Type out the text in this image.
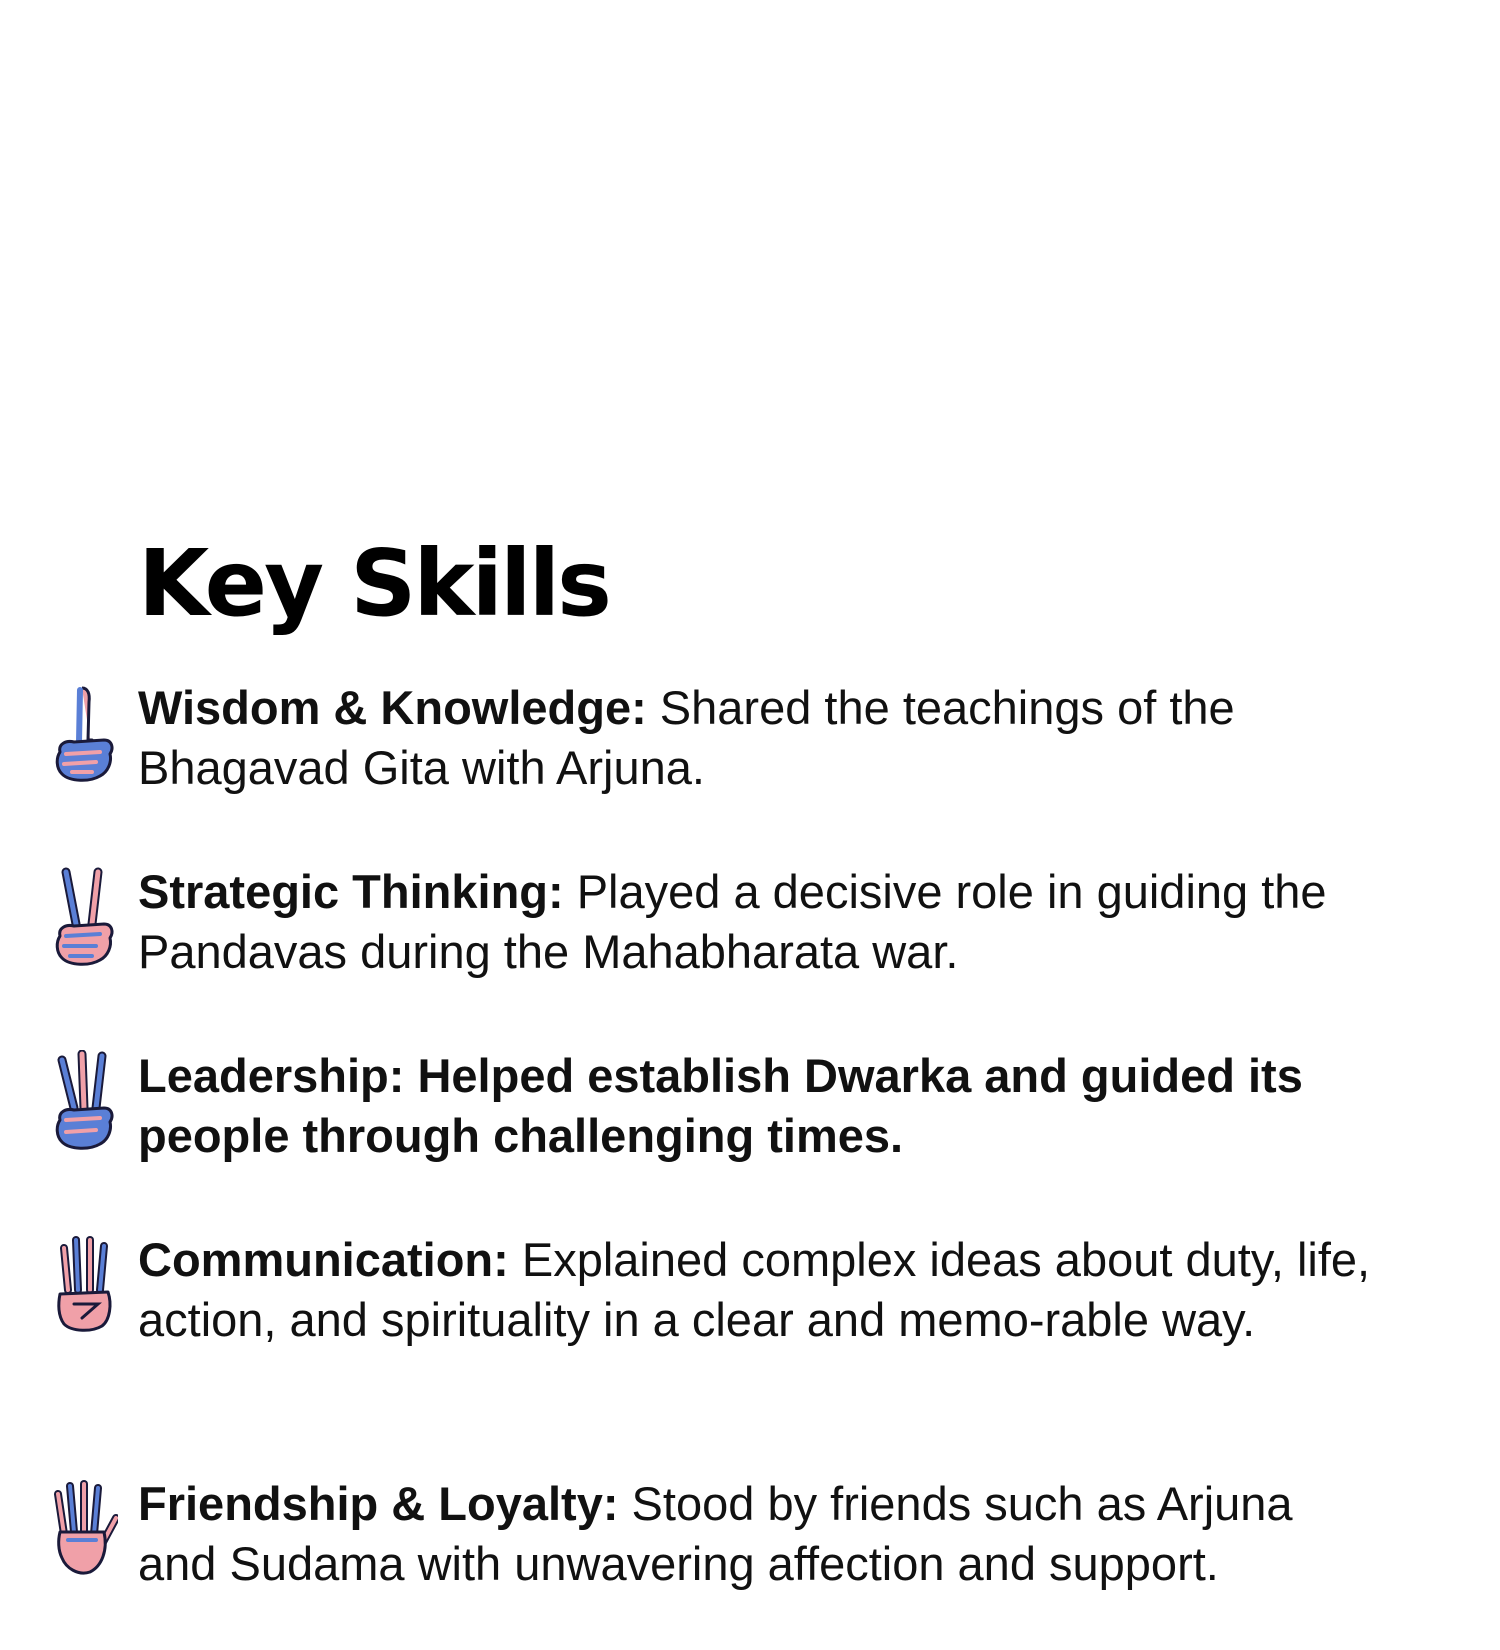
Key Skills

Wisdom & Knowledge: Shared the teachings of the Bhagavad Gita with Arjuna.

Strategic Thinking: Played a decisive role in guiding the Pandavas during the Mahabharata war.

Leadership: Helped establish Dwarka and guided its people through challenging times.

Communication: Explained complex ideas about duty, life, action, and spirituality in a clear and memo-rable way.

Friendship & Loyalty: Stood by friends such as Arjuna and Sudama with unwavering affection and support.
